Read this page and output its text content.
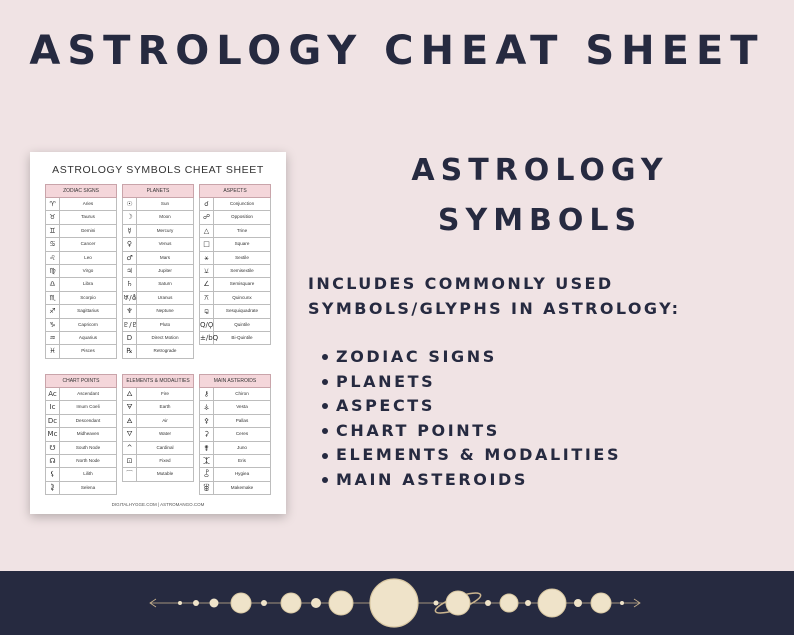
ASTROLOGY CHEAT SHEET
ASTROLOGY SYMBOLS CHEAT SHEET
ZODIAC SIGNS
♈	Aries
♉	Taurus
♊	Gemini
♋	Cancer
♌	Leo
♍	Virgo
♎	Libra
♏	Scorpio
♐	Sagittarius
♑	Capricorn
♒	Aquarius
♓	Pisces
PLANETS
☉	Sun
☽	Moon
☿	Mercury
♀	Venus
♂	Mars
♃	Jupiter
♄	Saturn
♅/⛢	Uranus
♆	Neptune
♇/♇	Pluto
D	Direct Motion
℞	Retrograde
ASPECTS
☌	Conjunction
☍	Opposition
△	Trine
□	Square
⚹	Sextile
⚺	Semisextile
∠	Semisquare
⚻	Quincunx
⚼	Sesquiquadrate
Q/Ϙ	Quintile
±/bQ	Bi-Quintile
CHART POINTS
Ac	Ascendant
Ic	Imum Coeli
Dc	Descendant
Mc	Midheaven
☋	South Node
☊	North Node
⚸	Lilith
⯝	Selena
ELEMENTS & MODALITIES
🜂	Fire
🜃	Earth
🜁	Air
🜄	Water
^	Cardinal
⊡	Fixed
⌒	Mutable
MAIN ASTEROIDS
⚷	Chiron
⚶	Vesta
⚴	Pallas
⚳	Ceres
⚵	Juno
⯰	Eris
⯛	Hygiea
⯚	Makemake
DIGITALHYGGE.COM | ASTROMANGO.COM
ASTROLOGY
SYMBOLS
INCLUDES COMMONLY USED
SYMBOLS/GLYPHS IN ASTROLOGY:
ZODIAC SIGNS
PLANETS
ASPECTS
CHART POINTS
ELEMENTS & MODALITIES
MAIN ASTEROIDS
